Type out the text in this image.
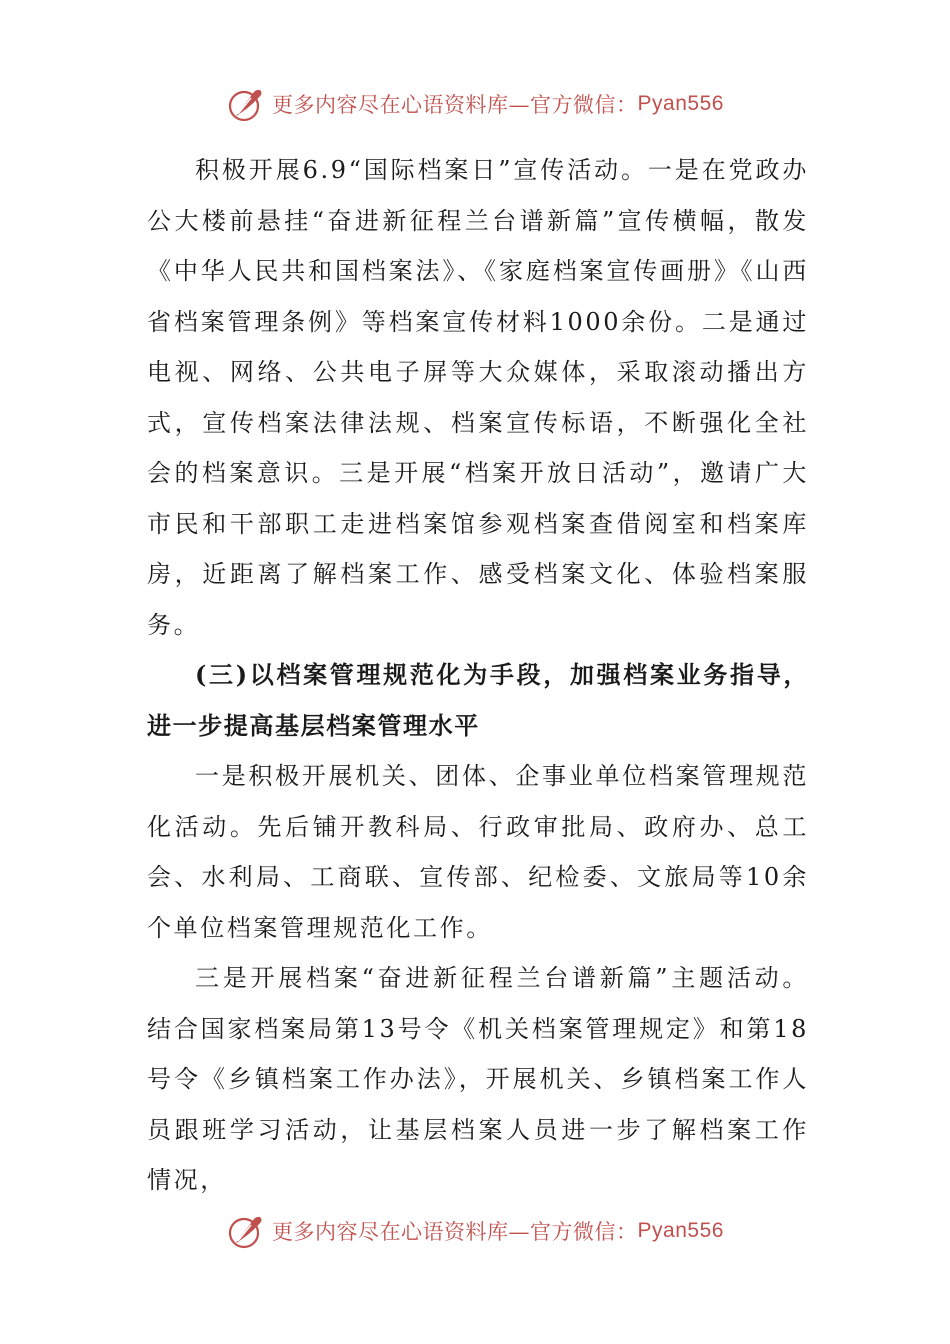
更多内容尽在心语资料库—官方微信： Pyan556

积极开展6.9“国际档案日”宣传活动。一是在党政办公大楼前悬挂“奋进新征程兰台谱新篇”宣传横幅，散发《中华人民共和国档案法》、《家庭档案宣传画册》《山西省档案管理条例》等档案宣传材料1000余份。二是通过电视、网络、公共电子屏等大众媒体，采取滚动播出方式，宣传档案法律法规、档案宣传标语，不断强化全社会的档案意识。三是开展“档案开放日活动”，邀请广大市民和干部职工走进档案馆参观档案查借阅室和档案库房，近距离了解档案工作、感受档案文化、体验档案服务。

(三)以档案管理规范化为手段，加强档案业务指导，进一步提高基层档案管理水平

一是积极开展机关、团体、企事业单位档案管理规范化活动。先后铺开教科局、行政审批局、政府办、总工会、水利局、工商联、宣传部、纪检委、文旅局等10余个单位档案管理规范化工作。

三是开展档案“奋进新征程兰台谱新篇”主题活动。结合国家档案局第13号令《机关档案管理规定》和第18号令《乡镇档案工作办法》，开展机关、乡镇档案工作人员跟班学习活动，让基层档案人员进一步了解档案工作情况，

更多内容尽在心语资料库—官方微信： Pyan556
